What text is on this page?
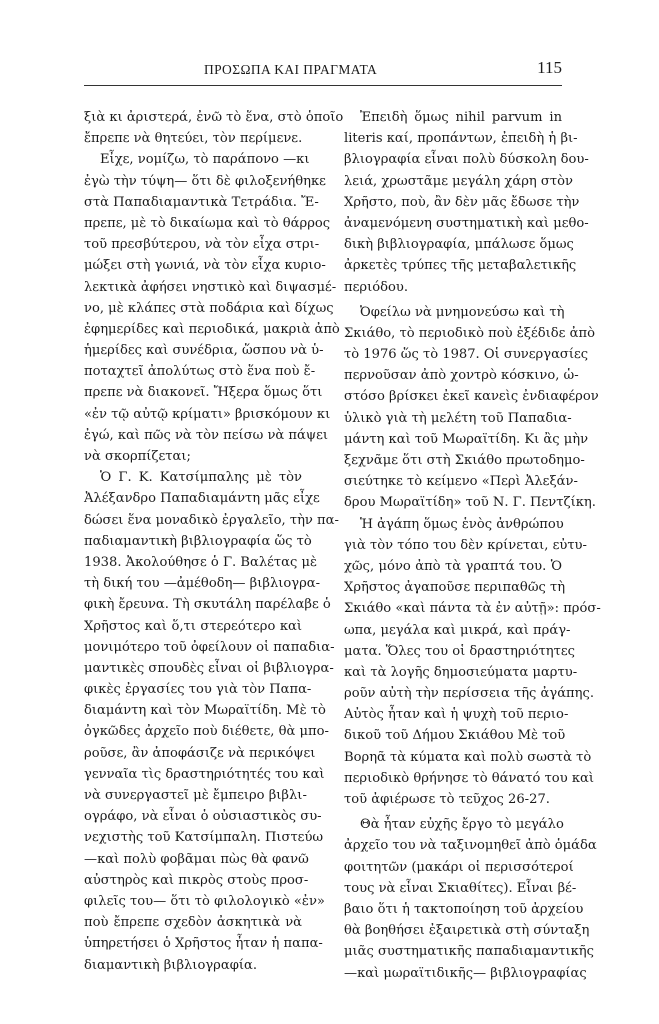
ΠΡΟΣΩΠΑ ΚΑΙ ΠΡΑΓΜΑΤΑ	115
ξιὰ κι ἀριστερά, ἐνῶ τὸ ἕνα, στὸ ὁποῖο
ἔπρεπε νὰ θητεύει, τὸν περίμενε.
Εἶχε, νομίζω, τὸ παράπονο —κι
ἐγὼ τὴν τύψη— ὅτι δὲ φιλοξενήθηκε
στὰ Παπαδιαμαντικὰ Τετράδια. Ἔ-
πρεπε, μὲ τὸ δικαίωμα καὶ τὸ θάρρος
τοῦ πρεσβύτερου, νὰ τὸν εἶχα στρι-
μώξει στὴ γωνιά, νὰ τὸν εἶχα κυριο-
λεκτικὰ ἀφήσει νηστικὸ καὶ διψασμέ-
νο, μὲ κλάπες στὰ ποδάρια καὶ δίχως
ἐφημερίδες καὶ περιοδικά, μακριὰ ἀπὸ
ἡμερίδες καὶ συνέδρια, ὥσπου νὰ ὑ-
ποταχτεῖ ἀπολύτως στὸ ἕνα ποὺ ἔ-
πρεπε νὰ διακονεῖ. Ἤξερα ὅμως ὅτι
«ἐν τῷ αὐτῷ κρίματι» βρισκόμουν κι
ἐγώ, καὶ πῶς νὰ τὸν πείσω νὰ πάψει
νὰ σκορπίζεται;
Ὁ Γ. Κ. Κατσίμπαλης μὲ τὸν
Ἀλέξανδρο Παπαδιαμάντη μᾶς εἶχε
δώσει ἕνα μοναδικὸ ἐργαλεῖο, τὴν πα-
παδιαμαντικὴ βιβλιογραφία ὥς τὸ
1938. Ἀκολούθησε ὁ Γ. Βαλέτας μὲ
τὴ δική του —ἀμέθοδη— βιβλιογρα-
φικὴ ἔρευνα. Τὴ σκυτάλη παρέλαβε ὁ
Χρῆστος καὶ ὅ,τι στερεότερο καὶ
μονιμότερο τοῦ ὀφείλουν οἱ παπαδια-
μαντικὲς σπουδὲς εἶναι οἱ βιβλιογρα-
φικὲς ἐργασίες του γιὰ τὸν Παπα-
διαμάντη καὶ τὸν Μωραϊτίδη. Μὲ τὸ
ὀγκῶδες ἀρχεῖο ποὺ διέθετε, θὰ μπο-
ροῦσε, ἂν ἀποφάσιζε νὰ περικόψει
γενναῖα τὶς δραστηριότητές του καὶ
νὰ συνεργαστεῖ μὲ ἔμπειρο βιβλι-
ογράφο, νὰ εἶναι ὁ οὐσιαστικὸς συ-
νεχιστὴς τοῦ Κατσίμπαλη. Πιστεύω
—καὶ πολὺ φοβᾶμαι πὼς θὰ φανῶ
αὐστηρὸς καὶ πικρὸς στοὺς προσ-
φιλεῖς του— ὅτι τὸ φιλολογικὸ «ἐν»
ποὺ ἔπρεπε σχεδὸν ἀσκητικὰ νὰ
ὑπηρετήσει ὁ Χρῆστος ἦταν ἡ παπα-
διαμαντικὴ βιβλιογραφία.
Ἐπειδὴ ὅμως nihil parvum in
literis καί, προπάντων, ἐπειδὴ ἡ βι-
βλιογραφία εἶναι πολὺ δύσκολη δου-
λειά, χρωστᾶμε μεγάλη χάρη στὸν
Χρῆστο, ποὺ, ἂν δὲν μᾶς ἔδωσε τὴν
ἀναμενόμενη συστηματικὴ καὶ μεθο-
δικὴ βιβλιογραφία, μπάλωσε ὅμως
ἀρκετὲς τρύπες τῆς μεταβαλετικῆς
περιόδου.
Ὀφείλω νὰ μνημονεύσω καὶ τὴ
Σκιάθο, τὸ περιοδικὸ ποὺ ἐξέδιδε ἀπὸ
τὸ 1976 ὥς τὸ 1987. Οἱ συνεργασίες
περνοῦσαν ἀπὸ χοντρὸ κόσκινο, ὡ-
στόσο βρίσκει ἐκεῖ κανεὶς ἐνδιαφέρον
ὑλικὸ γιὰ τὴ μελέτη τοῦ Παπαδια-
μάντη καὶ τοῦ Μωραϊτίδη. Κι ἂς μὴν
ξεχνᾶμε ὅτι στὴ Σκιάθο πρωτοδημο-
σιεύτηκε τὸ κείμενο «Περὶ Ἀλεξάν-
δρου Μωραϊτίδη» τοῦ Ν. Γ. Πεντζίκη.
Ἡ ἀγάπη ὅμως ἑνὸς ἀνθρώπου
γιὰ τὸν τόπο του δὲν κρίνεται, εὐτυ-
χῶς, μόνο ἀπὸ τὰ γραπτά του. Ὁ
Χρῆστος ἀγαποῦσε περιπαθῶς τὴ
Σκιάθο «καὶ πάντα τὰ ἐν αὐτῇ»: πρόσ-
ωπα, μεγάλα καὶ μικρά, καὶ πράγ-
ματα. Ὅλες του οἱ δραστηριότητες
καὶ τὰ λογῆς δημοσιεύματα μαρτυ-
ροῦν αὐτὴ τὴν περίσσεια τῆς ἀγάπης.
Αὐτὸς ἦταν καὶ ἡ ψυχὴ τοῦ περιο-
δικοῦ τοῦ Δήμου Σκιάθου Μὲ τοῦ
Βορηᾶ τὰ κύματα καὶ πολὺ σωστὰ τὸ
περιοδικὸ θρήνησε τὸ θάνατό του καὶ
τοῦ ἀφιέρωσε τὸ τεῦχος 26-27.
Θὰ ἦταν εὐχῆς ἔργο τὸ μεγάλο
ἀρχεῖο του νὰ ταξινομηθεῖ ἀπὸ ὁμάδα
φοιτητῶν (μακάρι οἱ περισσότεροί
τους νὰ εἶναι Σκιαθίτες). Εἶναι βέ-
βαιο ὅτι ἡ τακτοποίηση τοῦ ἀρχείου
θὰ βοηθήσει ἐξαιρετικὰ στὴ σύνταξη
μιᾶς συστηματικῆς παπαδιαμαντικῆς
—καὶ μωραϊτιδικῆς— βιβλιογραφίας
